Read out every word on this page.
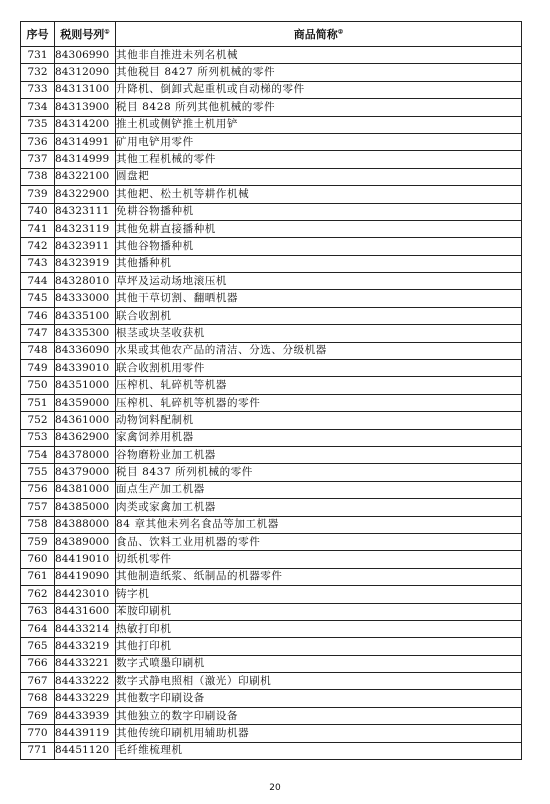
序号	税则号列①	商品简称②
731	84306990	其他非自推进未列名机械
732	84312090	其他税目 8427 所列机械的零件
733	84313100	升降机、倒卸式起重机或自动梯的零件
734	84313900	税目 8428 所列其他机械的零件
735	84314200	推土机或侧铲推土机用铲
736	84314991	矿用电铲用零件
737	84314999	其他工程机械的零件
738	84322100	圆盘耙
739	84322900	其他耙、松土机等耕作机械
740	84323111	免耕谷物播种机
741	84323119	其他免耕直接播种机
742	84323911	其他谷物播种机
743	84323919	其他播种机
744	84328010	草坪及运动场地滚压机
745	84333000	其他干草切割、翻晒机器
746	84335100	联合收割机
747	84335300	根茎或块茎收获机
748	84336090	水果或其他农产品的清洁、分选、分级机器
749	84339010	联合收割机用零件
750	84351000	压榨机、轧碎机等机器
751	84359000	压榨机、轧碎机等机器的零件
752	84361000	动物饲料配制机
753	84362900	家禽饲养用机器
754	84378000	谷物磨粉业加工机器
755	84379000	税目 8437 所列机械的零件
756	84381000	面点生产加工机器
757	84385000	肉类或家禽加工机器
758	84388000	84 章其他未列名食品等加工机器
759	84389000	食品、饮料工业用机器的零件
760	84419010	切纸机零件
761	84419090	其他制造纸浆、纸制品的机器零件
762	84423010	铸字机
763	84431600	苯胺印刷机
764	84433214	热敏打印机
765	84433219	其他打印机
766	84433221	数字式喷墨印刷机
767	84433222	数字式静电照相（激光）印刷机
768	84433229	其他数字印刷设备
769	84433939	其他独立的数字印刷设备
770	84439119	其他传统印刷机用辅助机器
771	84451120	毛纤维梳理机
20
